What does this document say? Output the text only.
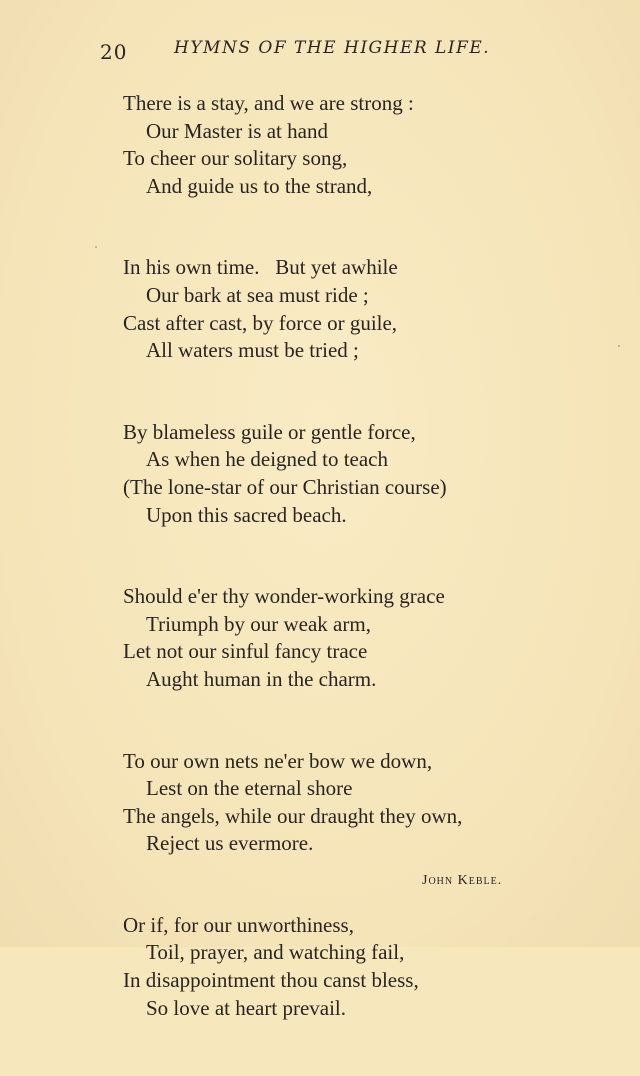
20	HYMNS OF THE HIGHER LIFE.
There is a stay, and we are strong :
Our Master is at hand
To cheer our solitary song,
And guide us to the strand,
In his own time.   But yet awhile
Our bark at sea must ride ;
Cast after cast, by force or guile,
All waters must be tried ;
By blameless guile or gentle force,
As when he deigned to teach
(The lone-star of our Christian course)
Upon this sacred beach.
Should e'er thy wonder-working grace
Triumph by our weak arm,
Let not our sinful fancy trace
Aught human in the charm.
To our own nets ne'er bow we down,
Lest on the eternal shore
The angels, while our draught they own,
Reject us evermore.
Or if, for our unworthiness,
Toil, prayer, and watching fail,
In disappointment thou canst bless,
So love at heart prevail.
John Keble.
